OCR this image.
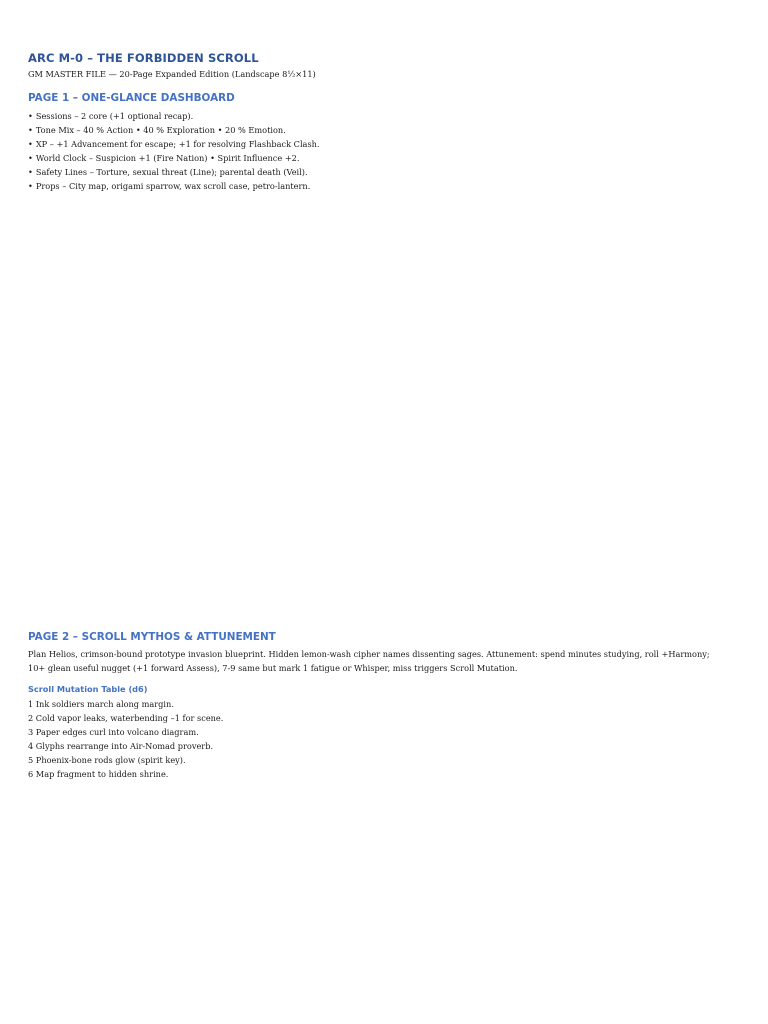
ARC M-0 – THE FORBIDDEN SCROLL

GM MASTER FILE — 20-Page Expanded Edition (Landscape 8½×11)

PAGE 1 – ONE-GLANCE DASHBOARD
• Sessions – 2 core (+1 optional recap).
• Tone Mix – 40 % Action • 40 % Exploration • 20 % Emotion.
• XP – +1 Advancement for escape; +1 for resolving Flashback Clash.
• World Clock – Suspicion +1 (Fire Nation) • Spirit Influence +2.
• Safety Lines – Torture, sexual threat (Line); parental death (Veil).
• Props – City map, origami sparrow, wax scroll case, petro-lantern.
PAGE 2 – SCROLL MYTHOS & ATTUNEMENT

Plan Helios, crimson-bound prototype invasion blueprint. Hidden lemon-wash cipher names dissenting sages. Attunement: spend minutes studying, roll +Harmony; 10+ glean useful nugget (+1 forward Assess), 7-9 same but mark 1 fatigue or Whisper, miss triggers Scroll Mutation.

Scroll Mutation Table (d6)
1 Ink soldiers march along margin.
2 Cold vapor leaks, waterbending –1 for scene.
3 Paper edges curl into volcano diagram.
4 Glyphs rearrange into Air-Nomad proverb.
5 Phoenix-bone rods glow (spirit key).
6 Map fragment to hidden shrine.
